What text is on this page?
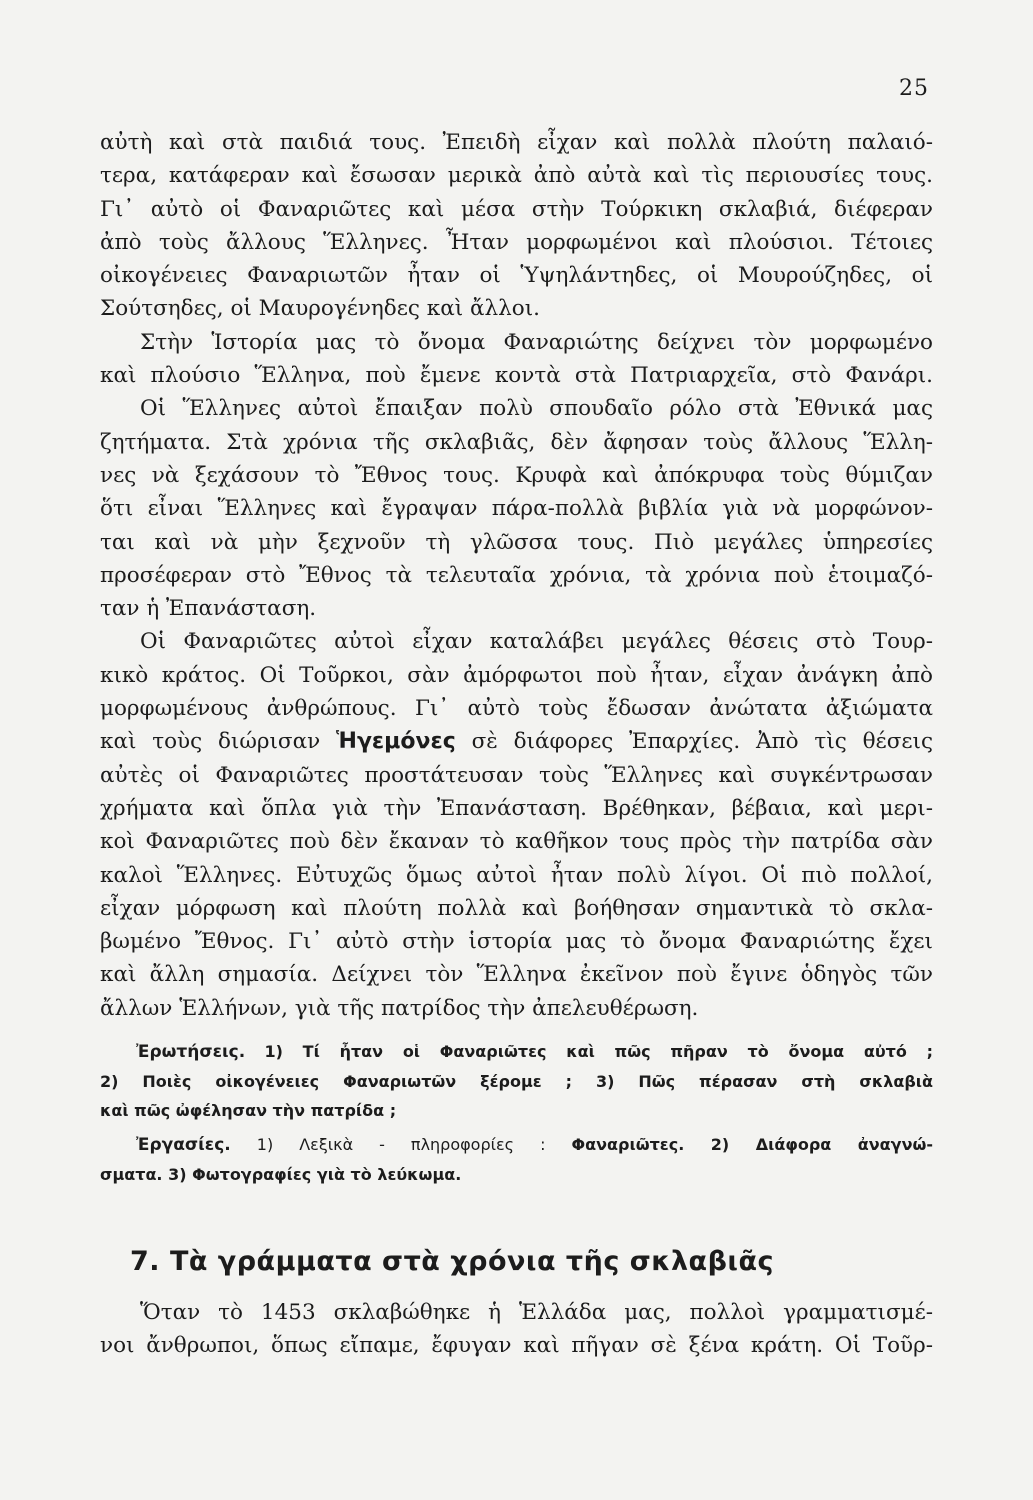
25
αὐτὴ καὶ στὰ παιδιά τους. Ἐπειδὴ εἶχαν καὶ πολλὰ πλούτη παλαιό-
τερα, κατάφεραν καὶ ἔσωσαν μερικὰ ἀπὸ αὐτὰ καὶ τὶς περιουσίες τους.
Γι᾿ αὐτὸ οἱ Φαναριῶτες καὶ μέσα στὴν Τούρκικη σκλαβιά, διέφεραν
ἀπὸ τοὺς ἄλλους Ἕλληνες. Ἦταν μορφωμένοι καὶ πλούσιοι. Τέτοιες
οἰκογένειες Φαναριωτῶν ἦταν οἱ Ὑψηλάντηδες, οἱ Μουρούζηδες, οἱ
Σούτσηδες, οἱ Μαυρογένηδες καὶ ἄλλοι.
Στὴν Ἱστορία μας τὸ ὄνομα Φαναριώτης δείχνει τὸν μορφωμένο
καὶ πλούσιο Ἕλληνα, ποὺ ἔμενε κοντὰ στὰ Πατριαρχεῖα, στὸ Φανάρι.
Οἱ Ἕλληνες αὐτοὶ ἔπαιξαν πολὺ σπουδαῖο ρόλο στὰ Ἐθνικά μας
ζητήματα. Στὰ χρόνια τῆς σκλαβιᾶς, δὲν ἄφησαν τοὺς ἄλλους Ἕλλη-
νες νὰ ξεχάσουν τὸ Ἔθνος τους. Κρυφὰ καὶ ἀπόκρυφα τοὺς θύμιζαν
ὅτι εἶναι Ἕλληνες καὶ ἔγραψαν πάρα-πολλὰ βιβλία γιὰ νὰ μορφώνον-
ται καὶ νὰ μὴν ξεχνοῦν τὴ γλῶσσα τους. Πιὸ μεγάλες ὑπηρεσίες
προσέφεραν στὸ Ἔθνος τὰ τελευταῖα χρόνια, τὰ χρόνια ποὺ ἑτοιμαζό-
ταν ἡ Ἐπανάσταση.
Οἱ Φαναριῶτες αὐτοὶ εἶχαν καταλάβει μεγάλες θέσεις στὸ Τουρ-
κικὸ κράτος. Οἱ Τοῦρκοι, σὰν ἀμόρφωτοι ποὺ ἦταν, εἶχαν ἀνάγκη ἀπὸ
μορφωμένους ἀνθρώπους. Γι᾿ αὐτὸ τοὺς ἔδωσαν ἀνώτατα ἀξιώματα
καὶ τοὺς διώρισαν Ἡγεμόνες σὲ διάφορες Ἐπαρχίες. Ἀπὸ τὶς θέσεις
αὐτὲς οἱ Φαναριῶτες προστάτευσαν τοὺς Ἕλληνες καὶ συγκέντρωσαν
χρήματα καὶ ὅπλα γιὰ τὴν Ἐπανάσταση. Βρέθηκαν, βέβαια, καὶ μερι-
κοὶ Φαναριῶτες ποὺ δὲν ἔκαναν τὸ καθῆκον τους πρὸς τὴν πατρίδα σὰν
καλοὶ Ἕλληνες. Εὐτυχῶς ὅμως αὐτοὶ ἦταν πολὺ λίγοι. Οἱ πιὸ πολλοί,
εἶχαν μόρφωση καὶ πλούτη πολλὰ καὶ βοήθησαν σημαντικὰ τὸ σκλα-
βωμένο Ἔθνος. Γι᾿ αὐτὸ στὴν ἱστορία μας τὸ ὄνομα Φαναριώτης ἔχει
καὶ ἄλλη σημασία. Δείχνει τὸν Ἕλληνα ἐκεῖνον ποὺ ἔγινε ὁδηγὸς τῶν
ἄλλων Ἑλλήνων, γιὰ τῆς πατρίδος τὴν ἀπελευθέρωση.
Ἐρωτήσεις. 1) Τί ἦταν οἱ Φαναριῶτες καὶ πῶς πῆραν τὸ ὄνομα αὐτό ;
2) Ποιὲς οἰκογένειες Φαναριωτῶν ξέρομε ; 3) Πῶς πέρασαν στὴ σκλαβιὰ
καὶ πῶς ὠφέλησαν τὴν πατρίδα ;
Ἐργασίες. 1) Λεξικὰ - πληροφορίες : Φαναριῶτες. 2) Διάφορα ἀναγνώ-
σματα. 3) Φωτογραφίες γιὰ τὸ λεύκωμα.
7. Τὰ γράμματα στὰ χρόνια τῆς σκλαβιᾶς
Ὅταν τὸ 1453 σκλαβώθηκε ἡ Ἑλλάδα μας, πολλοὶ γραμματισμέ-
νοι ἄνθρωποι, ὅπως εἴπαμε, ἔφυγαν καὶ πῆγαν σὲ ξένα κράτη. Οἱ Τοῦρ-
